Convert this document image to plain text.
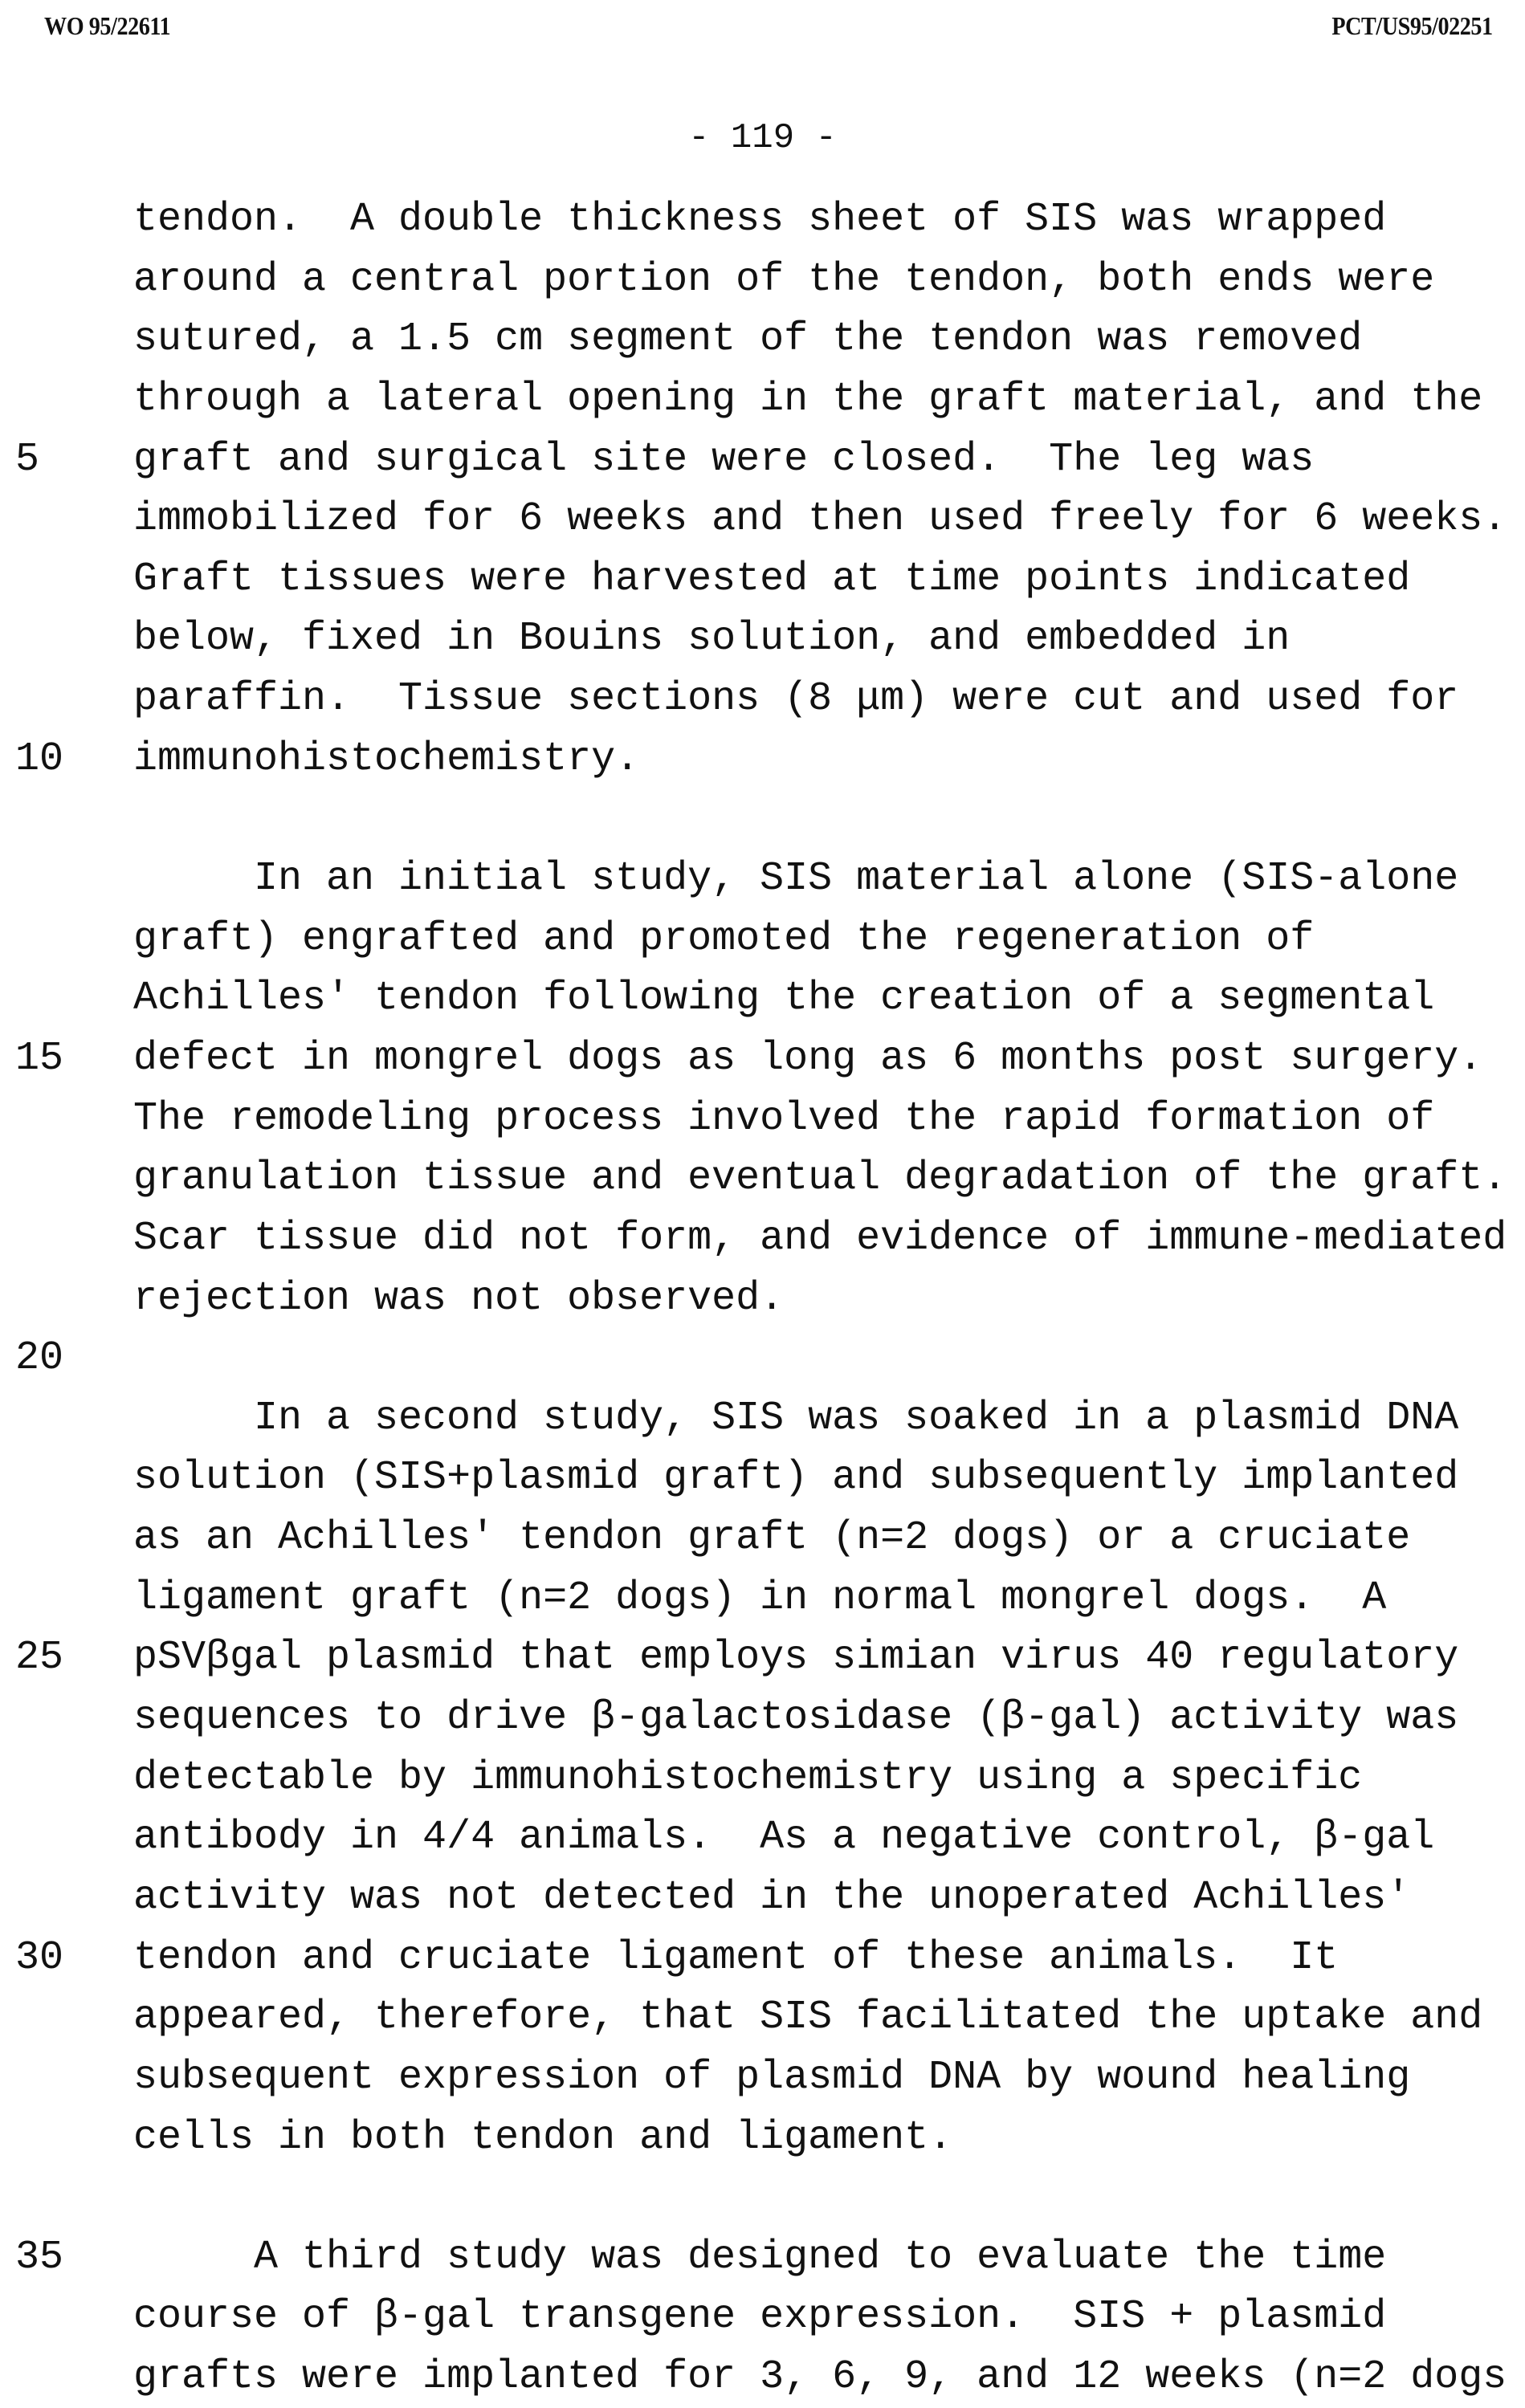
WO 95/22611	PCT/US95/02251
- 119 -
tendon.  A double thickness sheet of SIS was wrapped
around a central portion of the tendon, both ends were
sutured, a 1.5 cm segment of the tendon was removed
through a lateral opening in the graft material, and the
5	graft and surgical site were closed.  The leg was
immobilized for 6 weeks and then used freely for 6 weeks.
Graft tissues were harvested at time points indicated
below, fixed in Bouins solution, and embedded in
paraffin.  Tissue sections (8 μm) were cut and used for
10	immunohistochemistry.
In an initial study, SIS material alone (SIS-alone
graft) engrafted and promoted the regeneration of
Achilles' tendon following the creation of a segmental
15	defect in mongrel dogs as long as 6 months post surgery.
The remodeling process involved the rapid formation of
granulation tissue and eventual degradation of the graft.
Scar tissue did not form, and evidence of immune-mediated
rejection was not observed.
20
In a second study, SIS was soaked in a plasmid DNA
solution (SIS+plasmid graft) and subsequently implanted
as an Achilles' tendon graft (n=2 dogs) or a cruciate
ligament graft (n=2 dogs) in normal mongrel dogs.  A
25	pSVβgal plasmid that employs simian virus 40 regulatory
sequences to drive β-galactosidase (β-gal) activity was
detectable by immunohistochemistry using a specific
antibody in 4/4 animals.  As a negative control, β-gal
activity was not detected in the unoperated Achilles'
30	tendon and cruciate ligament of these animals.  It
appeared, therefore, that SIS facilitated the uptake and
subsequent expression of plasmid DNA by wound healing
cells in both tendon and ligament.
35	A third study was designed to evaluate the time
course of β-gal transgene expression.  SIS + plasmid
grafts were implanted for 3, 6, 9, and 12 weeks (n=2 dogs
